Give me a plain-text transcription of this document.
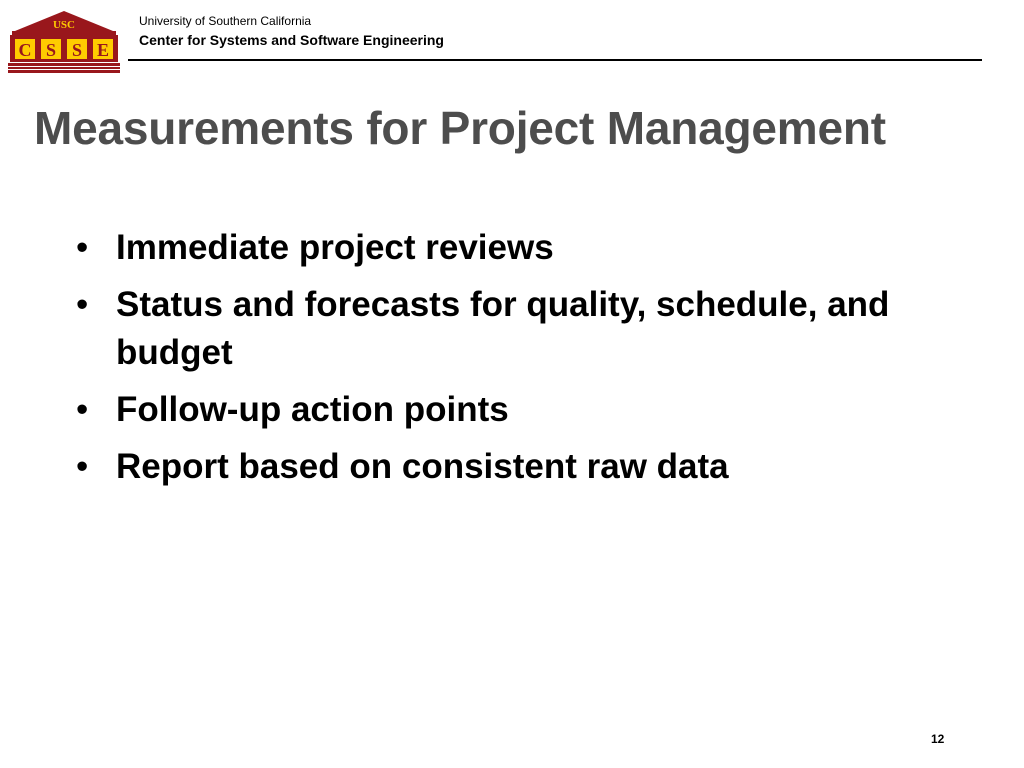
USC
C S S E
University of Southern California
Center for Systems and Software Engineering
Measurements for Project Management
• Immediate project reviews
• Status and forecasts for quality, schedule, and budget
• Follow-up action points
• Report based on consistent raw data
12
